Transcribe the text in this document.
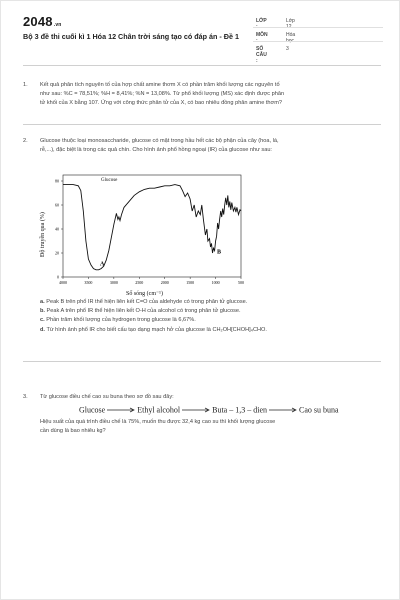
2048.vn
Bộ 3 đề thi cuối kì 1 Hóa 12 Chân trời sáng tạo có đáp án - Đề 1
LỚP	Lớp
MÔN	Hóa
SỐ CÂU :
3
1. Kết quả phân tích nguyên tố của hợp chất amine thơm X có phần trăm khối lượng các nguyên tố
như sau: %C = 78,51%; %H = 8,41%; %N = 13,08%. Từ phổ khối lượng (MS) xác định được phân
tử khối của X bằng 107. Ứng với công thức phân tử của X, có bao nhiêu đồng phân amine thơm?
2. Glucose thuộc loại monosaccharide, glucose có mặt trong hầu hết các bộ phận của cây (hoa, lá,
rễ,...), đặc biệt là trong các quả chín. Cho hình ảnh phổ hồng ngoại (IR) của glucose như sau:
4000	3500	3000	2500	2000	1500	1000	500
0
20
40
60
80	Glucose
Độ truyền qua (%)
Số sóng (cm⁻¹)
A
B
a. Peak B trên phổ IR thể hiện liên kết C=O của aldehyde có trong phân tử glucose.
b. Peak A trên phổ IR thể hiện liên kết O-H của alcohol có trong phân tử glucose.
c. Phần trăm khối lượng của hydrogen trong glucose là 6,67%.
d. Từ hình ảnh phổ IR cho biết cấu tạo dạng mạch hở của glucose là CH₂OH[CHOH]₄CHO.
3. Từ glucose điều chế cao su buna theo sơ đồ sau đây:
Glucose	Ethyl alcohol	Buta – 1,3 – dien	Cao su buna
Hiệu suất của quá trình điều chế là 75%, muốn thu được 32,4 kg cao su thì khối lượng glucose
cần dùng là bao nhiêu kg?
